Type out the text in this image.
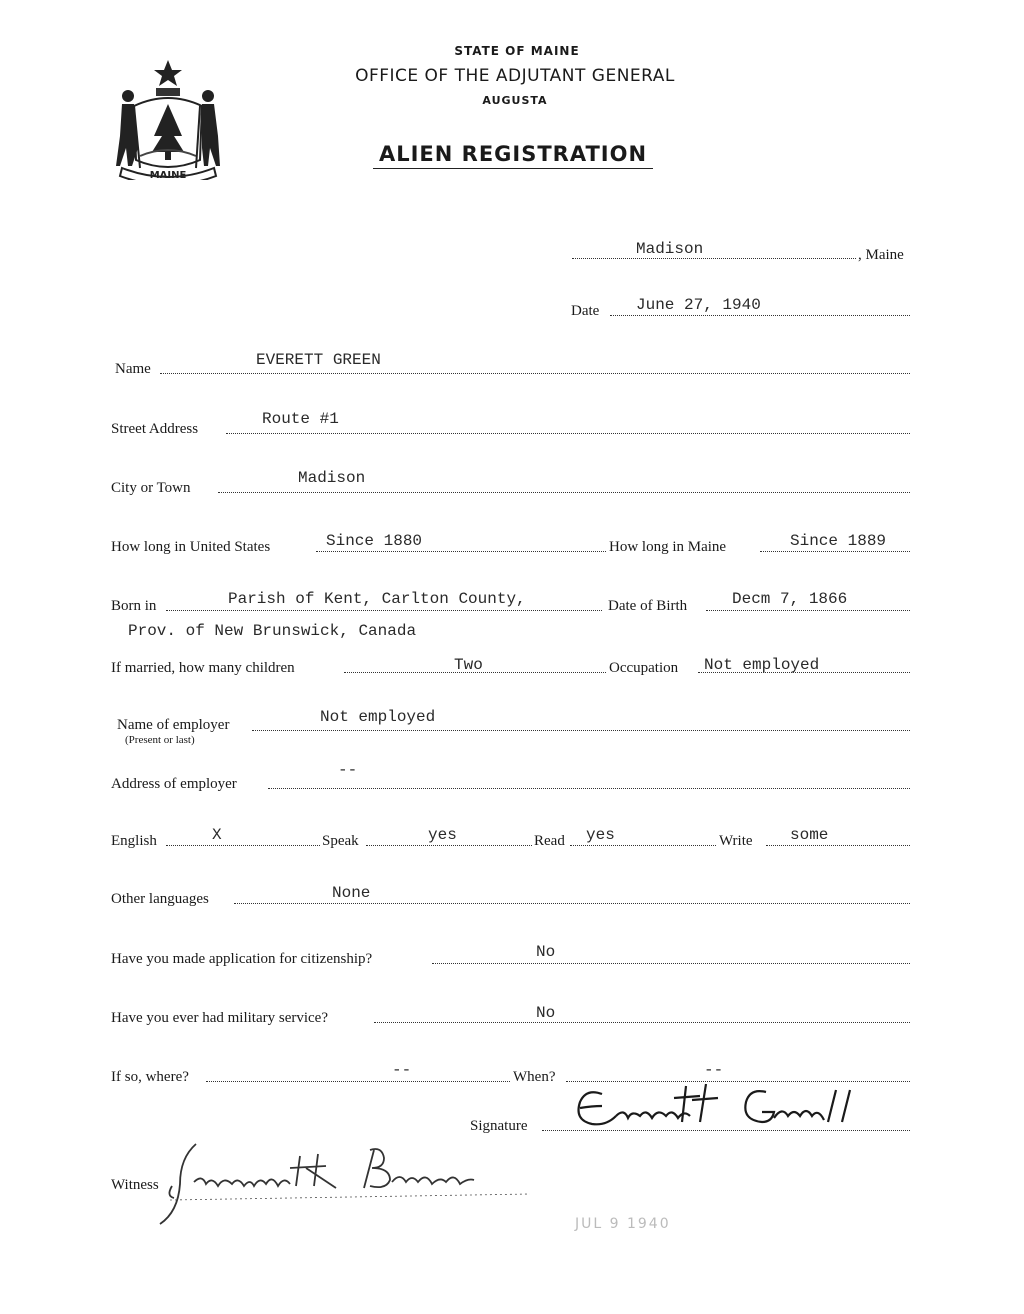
MAINE
STATE OF MAINE
OFFICE OF THE ADJUTANT GENERAL
AUGUSTA
ALIEN REGISTRATION
Madison	, Maine
Date June 27, 1940
Name	EVERETT GREEN
Street Address
Route #1
City or Town
Madison
How long in United States	Since 1880	How long in Maine	Since 1889
Born in	Parish of Kent, Carlton County,	Date of Birth	Decm 7, 1866
Prov. of New Brunswick, Canada
If married, how many children	Two	Occupation Not employed
Name of employer
(Present or last)
Not employed
Address of employer
--
English	X	Speak	yes	Read yes	Write some
Other languages	None
Have you made application for citizenship?	No
Have you ever had military service?	No
If so, where?	--	When?	--
Signature
Witness
JUL 9 1940
